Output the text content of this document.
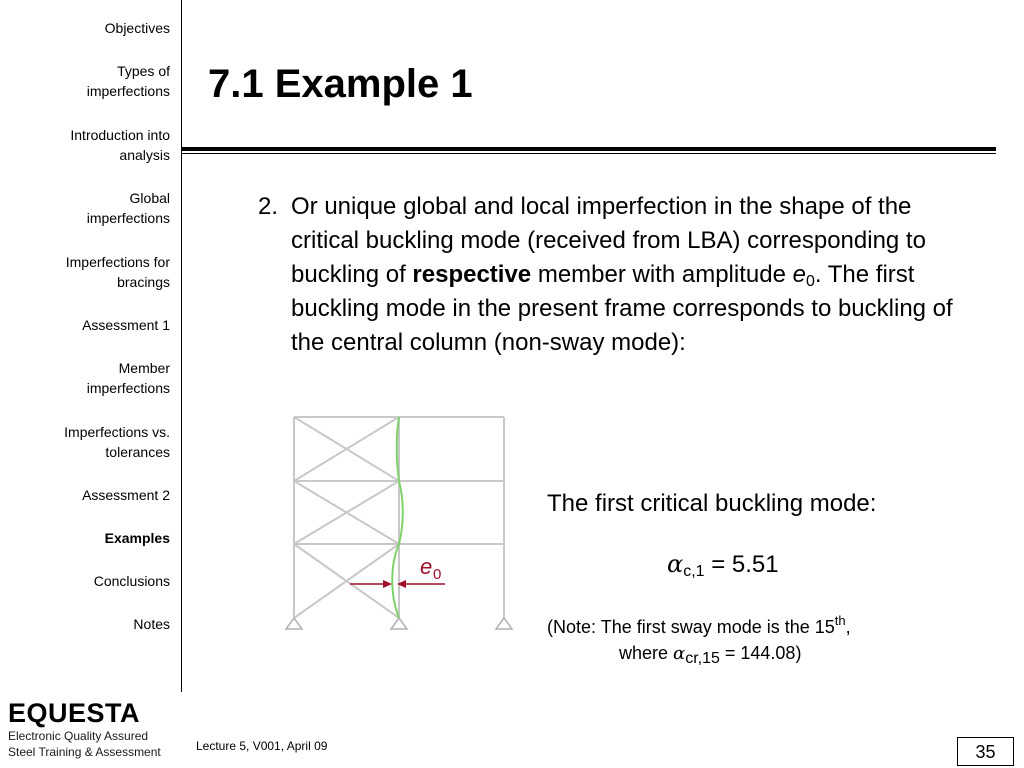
Objectives
Types of
imperfections
Introduction into
analysis
Global
imperfections
Imperfections for
bracings
Assessment 1
Member
imperfections
Imperfections vs.
tolerances
Assessment 2
Examples
Conclusions
Notes
EQUESTA
Electronic Quality Assured
Steel Training & Assessment
7.1 Example 1
2. Or unique global and local imperfection in the shape of the critical buckling mode (received from LBA) corresponding to buckling of respective member with amplitude $e_0$. The first buckling mode in the present frame corresponds to buckling of the central column (non-sway mode):
e 0
The first critical buckling mode:
$\alpha_{c,1} = 5.51$
(Note: The first sway mode is the 15th,
where αcr,15 = 144.08)
Lecture 5, V001, April 09	35
